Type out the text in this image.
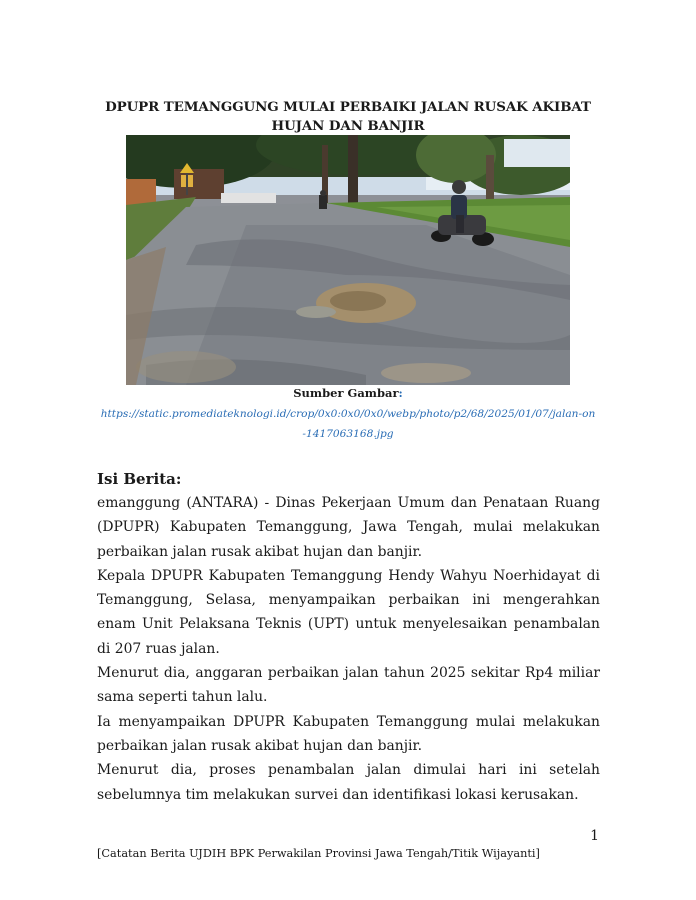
DPUPR TEMANGGUNG MULAI PERBAIKI JALAN RUSAK AKIBAT HUJAN DAN BANJIR
Sumber Gambar:
https://static.promediateknologi.id/crop/0x0:0x0/0x0/webp/photo/p2/68/2025/01/07/jalan-on-1417063168.jpg
Isi Berita:

emanggung (ANTARA) - Dinas Pekerjaan Umum dan Penataan Ruang (DPUPR) Kabupaten Temanggung, Jawa Tengah, mulai melakukan perbaikan jalan rusak akibat hujan dan banjir.

Kepala DPUPR Kabupaten Temanggung Hendy Wahyu Noerhidayat di Temanggung, Selasa, menyampaikan perbaikan ini mengerahkan enam Unit Pelaksana Teknis (UPT) untuk menyelesaikan penambalan di 207 ruas jalan.

Menurut dia, anggaran perbaikan jalan tahun 2025 sekitar Rp4 miliar sama seperti tahun lalu.

Ia menyampaikan DPUPR Kabupaten Temanggung mulai melakukan perbaikan jalan rusak akibat hujan dan banjir.

Menurut dia, proses penambalan jalan dimulai hari ini setelah sebelumnya tim melakukan survei dan identifikasi lokasi kerusakan.

1
[Catatan Berita UJDIH BPK Perwakilan Provinsi Jawa Tengah/Titik Wijayanti]
